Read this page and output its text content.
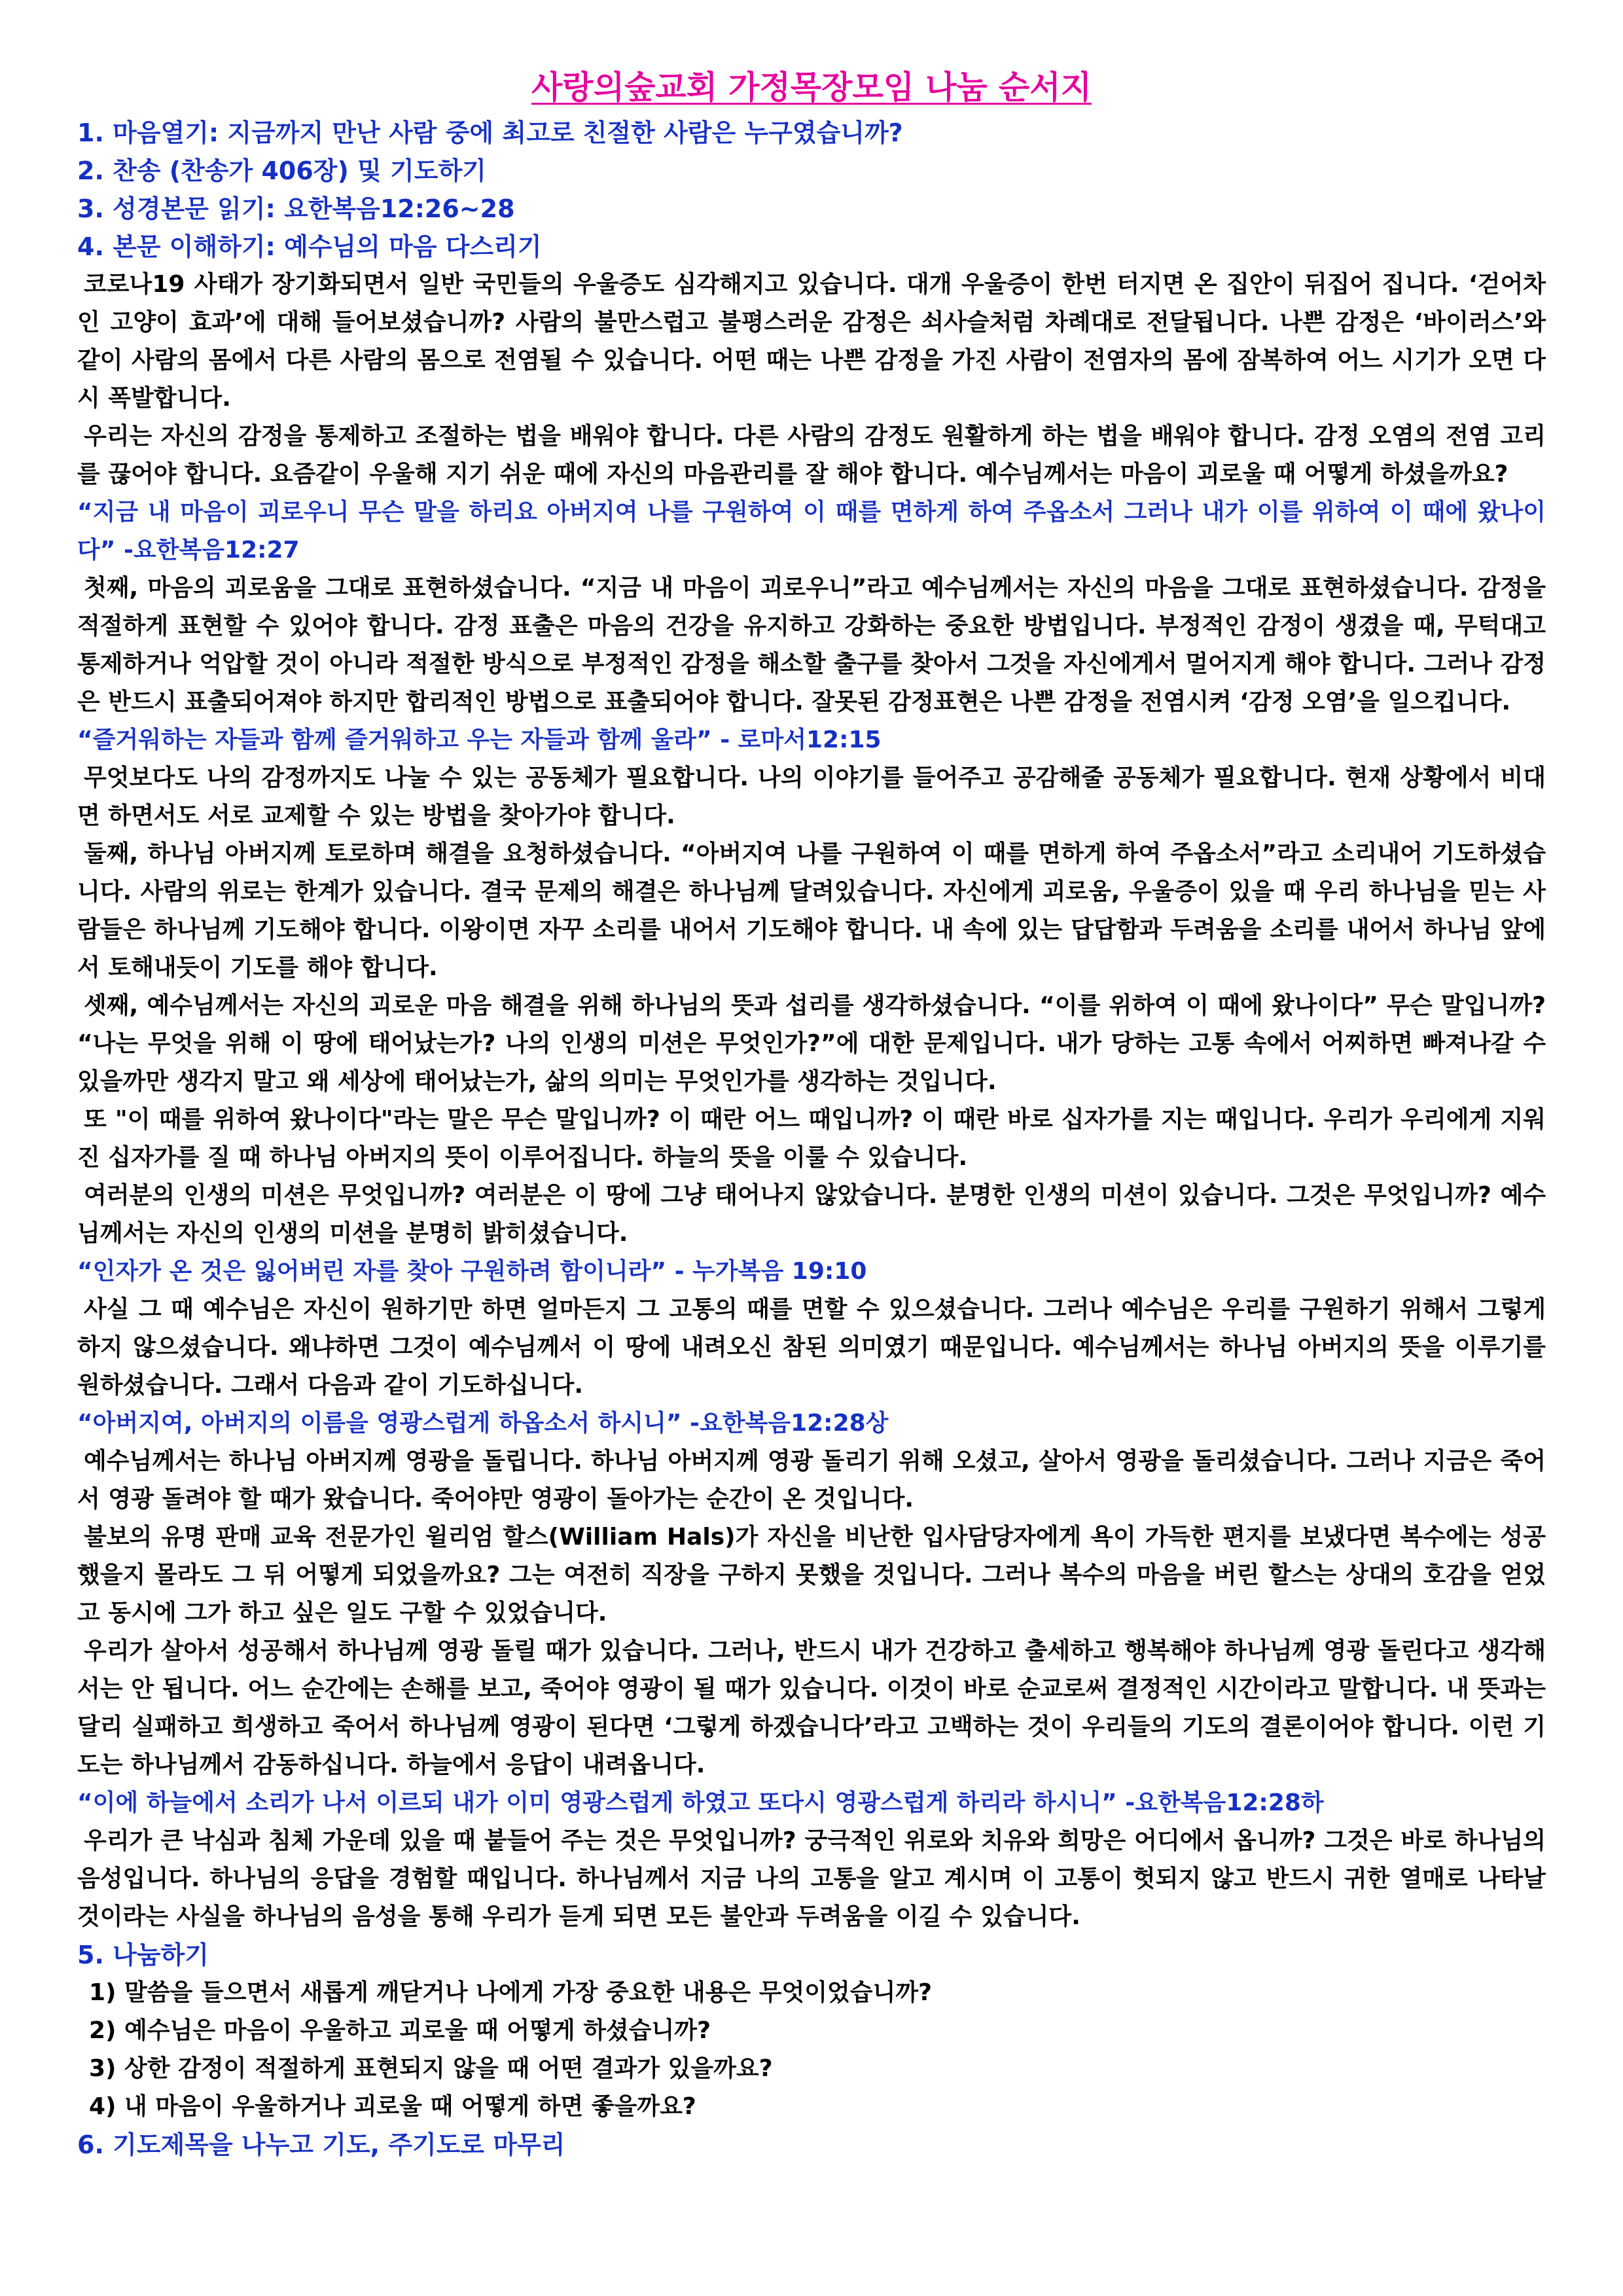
사랑의숲교회 가정목장모임 나눔 순서지
1. 마음열기: 지금까지 만난 사람 중에 최고로 친절한 사람은 누구였습니까?
2. 찬송 (찬송가 406장) 및 기도하기
3. 성경본문 읽기: 요한복음12:26~28
4. 본문 이해하기: 예수님의 마음 다스리기
코로나19 사태가 장기화되면서 일반 국민들의 우울증도 심각해지고 있습니다. 대개 우울증이 한번 터지면 온 집안이 뒤집어 집니다. ‘걷어차인 고양이 효과’에 대해 들어보셨습니까? 사람의 불만스럽고 불평스러운 감정은 쇠사슬처럼 차례대로 전달됩니다. 나쁜 감정은 ‘바이러스’와 같이 사람의 몸에서 다른 사람의 몸으로 전염될 수 있습니다. 어떤 때는 나쁜 감정을 가진 사람이 전염자의 몸에 잠복하여 어느 시기가 오면 다시 폭발합니다.
우리는 자신의 감정을 통제하고 조절하는 법을 배워야 합니다. 다른 사람의 감정도 원활하게 하는 법을 배워야 합니다. 감정 오염의 전염 고리를 끊어야 합니다. 요즘같이 우울해 지기 쉬운 때에 자신의 마음관리를 잘 해야 합니다. 예수님께서는 마음이 괴로울 때 어떻게 하셨을까요?
“지금 내 마음이 괴로우니 무슨 말을 하리요 아버지여 나를 구원하여 이 때를 면하게 하여 주옵소서 그러나 내가 이를 위하여 이 때에 왔나이다” -요한복음12:27
첫째, 마음의 괴로움을 그대로 표현하셨습니다. “지금 내 마음이 괴로우니”라고 예수님께서는 자신의 마음을 그대로 표현하셨습니다. 감정을 적절하게 표현할 수 있어야 합니다. 감정 표출은 마음의 건강을 유지하고 강화하는 중요한 방법입니다. 부정적인 감정이 생겼을 때, 무턱대고 통제하거나 억압할 것이 아니라 적절한 방식으로 부정적인 감정을 해소할 출구를 찾아서 그것을 자신에게서 멀어지게 해야 합니다. 그러나 감정은 반드시 표출되어져야 하지만 합리적인 방법으로 표출되어야 합니다. 잘못된 감정표현은 나쁜 감정을 전염시켜 ‘감정 오염’을 일으킵니다.
“즐거워하는 자들과 함께 즐거워하고 우는 자들과 함께 울라” - 로마서12:15
무엇보다도 나의 감정까지도 나눌 수 있는 공동체가 필요합니다. 나의 이야기를 들어주고 공감해줄 공동체가 필요합니다. 현재 상황에서 비대면 하면서도 서로 교제할 수 있는 방법을 찾아가야 합니다.
둘째, 하나님 아버지께 토로하며 해결을 요청하셨습니다. “아버지여 나를 구원하여 이 때를 면하게 하여 주옵소서”라고 소리내어 기도하셨습니다. 사람의 위로는 한계가 있습니다. 결국 문제의 해결은 하나님께 달려있습니다. 자신에게 괴로움, 우울증이 있을 때 우리 하나님을 믿는 사람들은 하나님께 기도해야 합니다. 이왕이면 자꾸 소리를 내어서 기도해야 합니다. 내 속에 있는 답답함과 두려움을 소리를 내어서 하나님 앞에서 토해내듯이 기도를 해야 합니다.
셋째, 예수님께서는 자신의 괴로운 마음 해결을 위해 하나님의 뜻과 섭리를 생각하셨습니다. “이를 위하여 이 때에 왔나이다” 무슨 말입니까? “나는 무엇을 위해 이 땅에 태어났는가? 나의 인생의 미션은 무엇인가?”에 대한 문제입니다. 내가 당하는 고통 속에서 어찌하면 빠져나갈 수 있을까만 생각지 말고 왜 세상에 태어났는가, 삶의 의미는 무엇인가를 생각하는 것입니다.
또 "이 때를 위하여 왔나이다"라는 말은 무슨 말입니까? 이 때란 어느 때입니까? 이 때란 바로 십자가를 지는 때입니다. 우리가 우리에게 지워진 십자가를 질 때 하나님 아버지의 뜻이 이루어집니다. 하늘의 뜻을 이룰 수 있습니다.
여러분의 인생의 미션은 무엇입니까? 여러분은 이 땅에 그냥 태어나지 않았습니다. 분명한 인생의 미션이 있습니다. 그것은 무엇입니까? 예수님께서는 자신의 인생의 미션을 분명히 밝히셨습니다.
“인자가 온 것은 잃어버린 자를 찾아 구원하려 함이니라” - 누가복음 19:10
사실 그 때 예수님은 자신이 원하기만 하면 얼마든지 그 고통의 때를 면할 수 있으셨습니다. 그러나 예수님은 우리를 구원하기 위해서 그렇게 하지 않으셨습니다. 왜냐하면 그것이 예수님께서 이 땅에 내려오신 참된 의미였기 때문입니다. 예수님께서는 하나님 아버지의 뜻을 이루기를 원하셨습니다. 그래서 다음과 같이 기도하십니다.
“아버지여, 아버지의 이름을 영광스럽게 하옵소서 하시니” -요한복음12:28상
예수님께서는 하나님 아버지께 영광을 돌립니다. 하나님 아버지께 영광 돌리기 위해 오셨고, 살아서 영광을 돌리셨습니다. 그러나 지금은 죽어서 영광 돌려야 할 때가 왔습니다. 죽어야만 영광이 돌아가는 순간이 온 것입니다.
불보의 유명 판매 교육 전문가인 윌리엄 할스(William Hals)가 자신을 비난한 입사담당자에게 욕이 가득한 편지를 보냈다면 복수에는 성공했을지 몰라도 그 뒤 어떻게 되었을까요? 그는 여전히 직장을 구하지 못했을 것입니다. 그러나 복수의 마음을 버린 할스는 상대의 호감을 얻었고 동시에 그가 하고 싶은 일도 구할 수 있었습니다.
우리가 살아서 성공해서 하나님께 영광 돌릴 때가 있습니다. 그러나, 반드시 내가 건강하고 출세하고 행복해야 하나님께 영광 돌린다고 생각해서는 안 됩니다. 어느 순간에는 손해를 보고, 죽어야 영광이 될 때가 있습니다. 이것이 바로 순교로써 결정적인 시간이라고 말합니다. 내 뜻과는 달리 실패하고 희생하고 죽어서 하나님께 영광이 된다면 ‘그렇게 하겠습니다’라고 고백하는 것이 우리들의 기도의 결론이어야 합니다. 이런 기도는 하나님께서 감동하십니다. 하늘에서 응답이 내려옵니다.
“이에 하늘에서 소리가 나서 이르되 내가 이미 영광스럽게 하였고 또다시 영광스럽게 하리라 하시니” -요한복음12:28하
우리가 큰 낙심과 침체 가운데 있을 때 붙들어 주는 것은 무엇입니까? 궁극적인 위로와 치유와 희망은 어디에서 옵니까? 그것은 바로 하나님의 음성입니다. 하나님의 응답을 경험할 때입니다. 하나님께서 지금 나의 고통을 알고 계시며 이 고통이 헛되지 않고 반드시 귀한 열매로 나타날 것이라는 사실을 하나님의 음성을 통해 우리가 듣게 되면 모든 불안과 두려움을 이길 수 있습니다.
5. 나눔하기
1) 말씀을 들으면서 새롭게 깨닫거나 나에게 가장 중요한 내용은 무엇이었습니까?
2) 예수님은 마음이 우울하고 괴로울 때 어떻게 하셨습니까?
3) 상한 감정이 적절하게 표현되지 않을 때 어떤 결과가 있을까요?
4) 내 마음이 우울하거나 괴로울 때 어떻게 하면 좋을까요?
6. 기도제목을 나누고 기도, 주기도로 마무리
